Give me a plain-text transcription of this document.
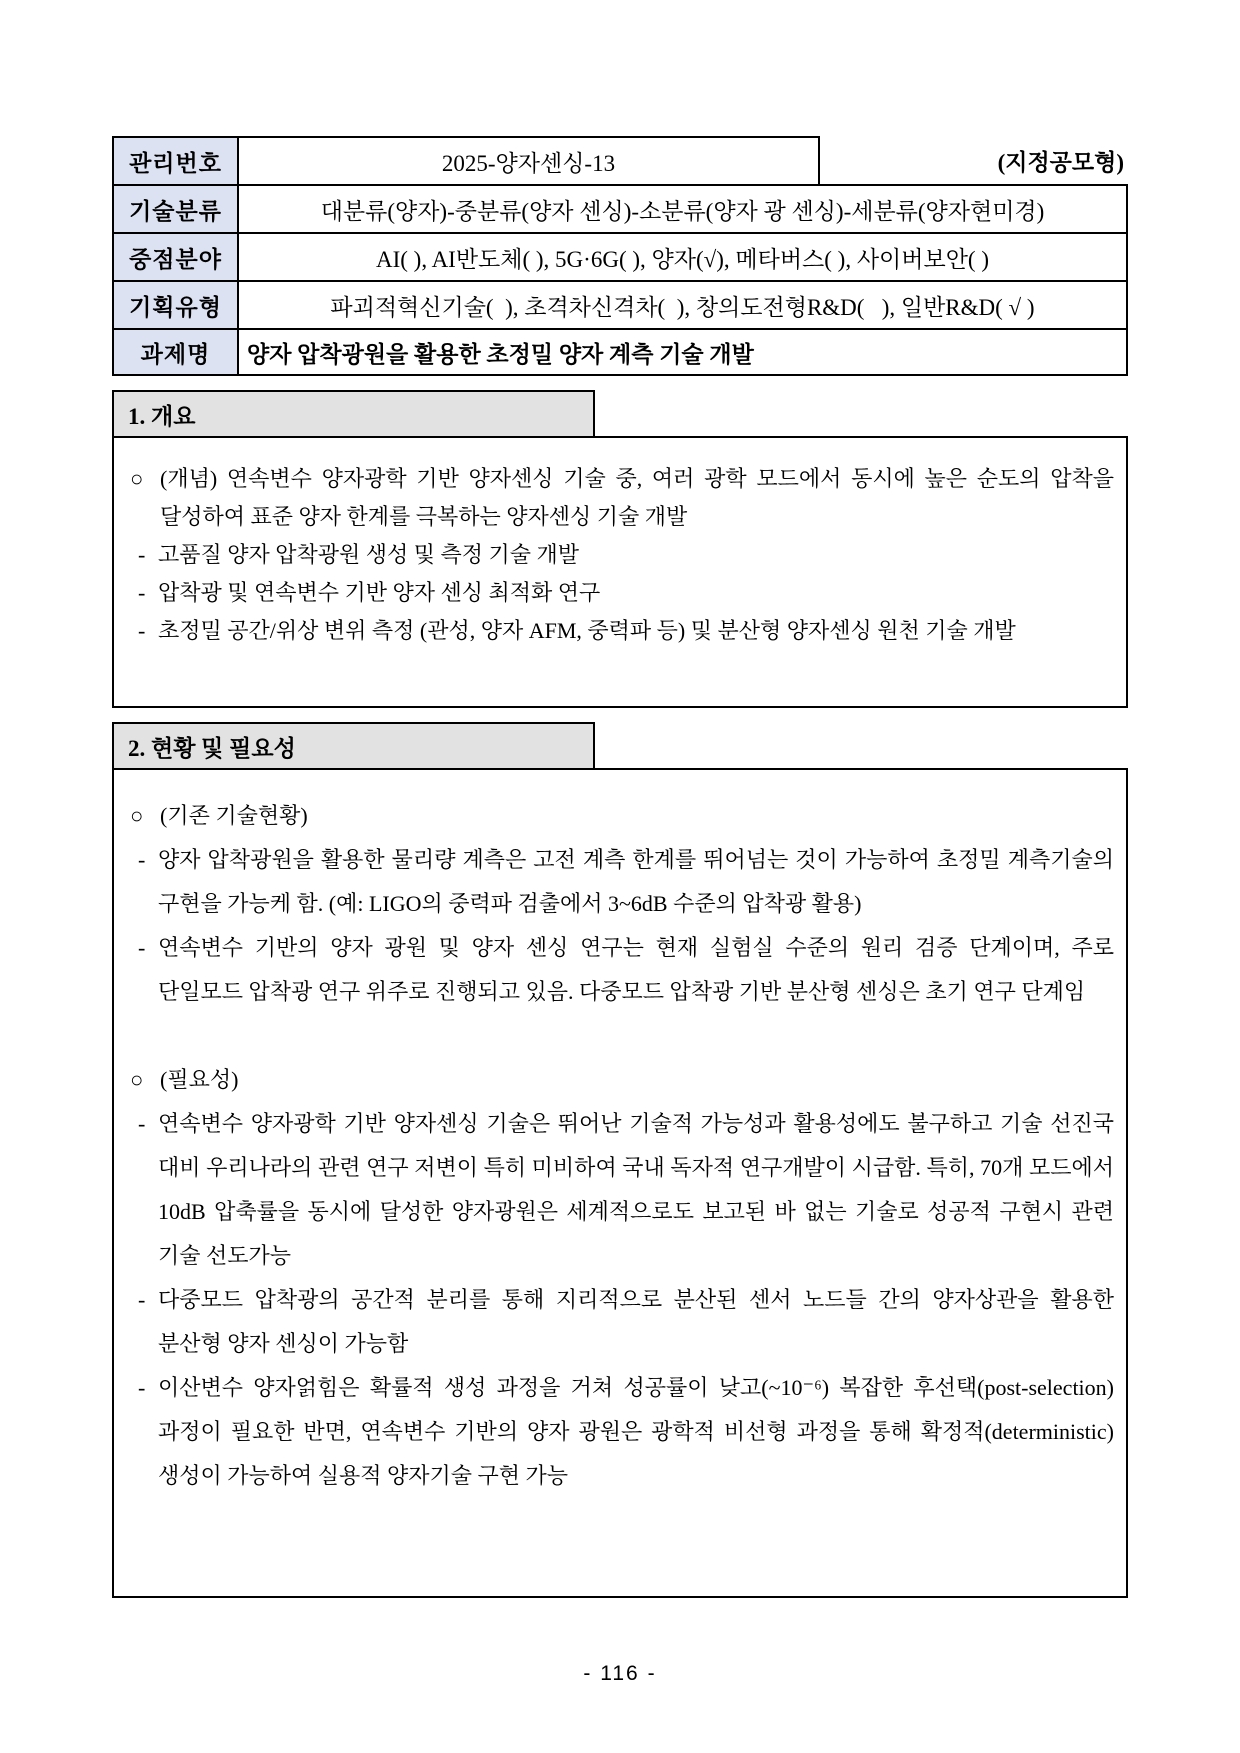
관리번호	2025-양자센싱-13	(지정공모형)
기술분류	대분류(양자)-중분류(양자 센싱)-소분류(양자 광 센싱)-세분류(양자현미경)
중점분야	AI( ), AI반도체( ), 5G·6G( ), 양자(√), 메타버스( ), 사이버보안( )
기획유형	파괴적혁신기술(  ), 초격차신격차(  ), 창의도전형R&D(   ), 일반R&D( √ )
과제명	양자 압착광원을 활용한 초정밀 양자 계측 기술 개발
1. 개요
○ (개념) 연속변수 양자광학 기반 양자센싱 기술 중, 여러 광학 모드에서 동시에 높은 순도의 압착을 달성하여 표준 양자 한계를 극복하는 양자센싱 기술 개발
- 고품질 양자 압착광원 생성 및 측정 기술 개발
- 압착광 및 연속변수 기반 양자 센싱 최적화 연구
- 초정밀 공간/위상 변위 측정 (관성, 양자 AFM, 중력파 등) 및 분산형 양자센싱 원천 기술 개발
2. 현황 및 필요성
○ (기존 기술현황)
- 양자 압착광원을 활용한 물리량 계측은 고전 계측 한계를 뛰어넘는 것이 가능하여 초정밀 계측기술의 구현을 가능케 함. (예: LIGO의 중력파 검출에서 3~6dB 수준의 압착광 활용)
- 연속변수 기반의 양자 광원 및 양자 센싱 연구는 현재 실험실 수준의 원리 검증 단계이며, 주로 단일모드 압착광 연구 위주로 진행되고 있음. 다중모드 압착광 기반 분산형 센싱은 초기 연구 단계임
○ (필요성)
- 연속변수 양자광학 기반 양자센싱 기술은 뛰어난 기술적 가능성과 활용성에도 불구하고 기술 선진국 대비 우리나라의 관련 연구 저변이 특히 미비하여 국내 독자적 연구개발이 시급함. 특히, 70개 모드에서 10dB 압축률을 동시에 달성한 양자광원은 세계적으로도 보고된 바 없는 기술로 성공적 구현시 관련 기술 선도가능
- 다중모드 압착광의 공간적 분리를 통해 지리적으로 분산된 센서 노드들 간의 양자상관을 활용한 분산형 양자 센싱이 가능함
- 이산변수 양자얽힘은 확률적 생성 과정을 거쳐 성공률이 낮고(~10⁻⁶) 복잡한 후선택(post-selection) 과정이 필요한 반면, 연속변수 기반의 양자 광원은 광학적 비선형 과정을 통해 확정적(deterministic) 생성이 가능하여 실용적 양자기술 구현 가능
- 116 -
